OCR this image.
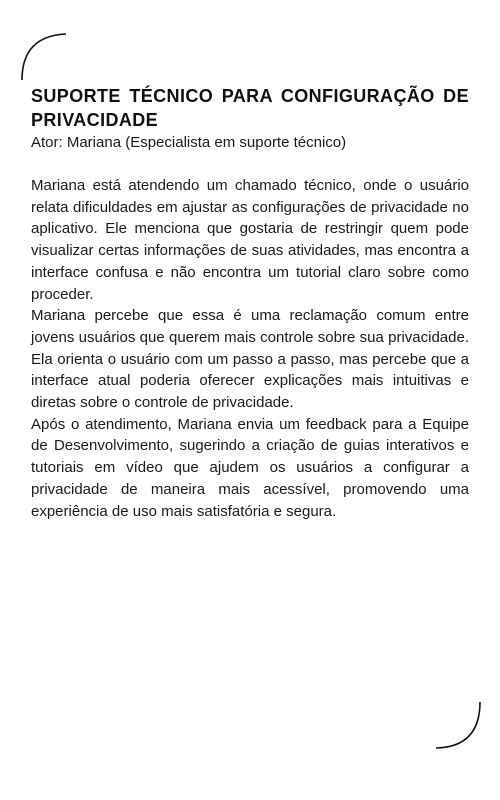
SUPORTE TÉCNICO PARA CONFIGURAÇÃO DE PRIVACIDADE

Ator: Mariana (Especialista em suporte técnico)

Mariana está atendendo um chamado técnico, onde o usuário relata dificuldades em ajustar as configurações de privacidade no aplicativo. Ele menciona que gostaria de restringir quem pode visualizar certas informações de suas atividades, mas encontra a interface confusa e não encontra um tutorial claro sobre como proceder.

Mariana percebe que essa é uma reclamação comum entre jovens usuários que querem mais controle sobre sua privacidade. Ela orienta o usuário com um passo a passo, mas percebe que a interface atual poderia oferecer explicações mais intuitivas e diretas sobre o controle de privacidade.

Após o atendimento, Mariana envia um feedback para a Equipe de Desenvolvimento, sugerindo a criação de guias interativos e tutoriais em vídeo que ajudem os usuários a configurar a privacidade de maneira mais acessível, promovendo uma experiência de uso mais satisfatória e segura.
